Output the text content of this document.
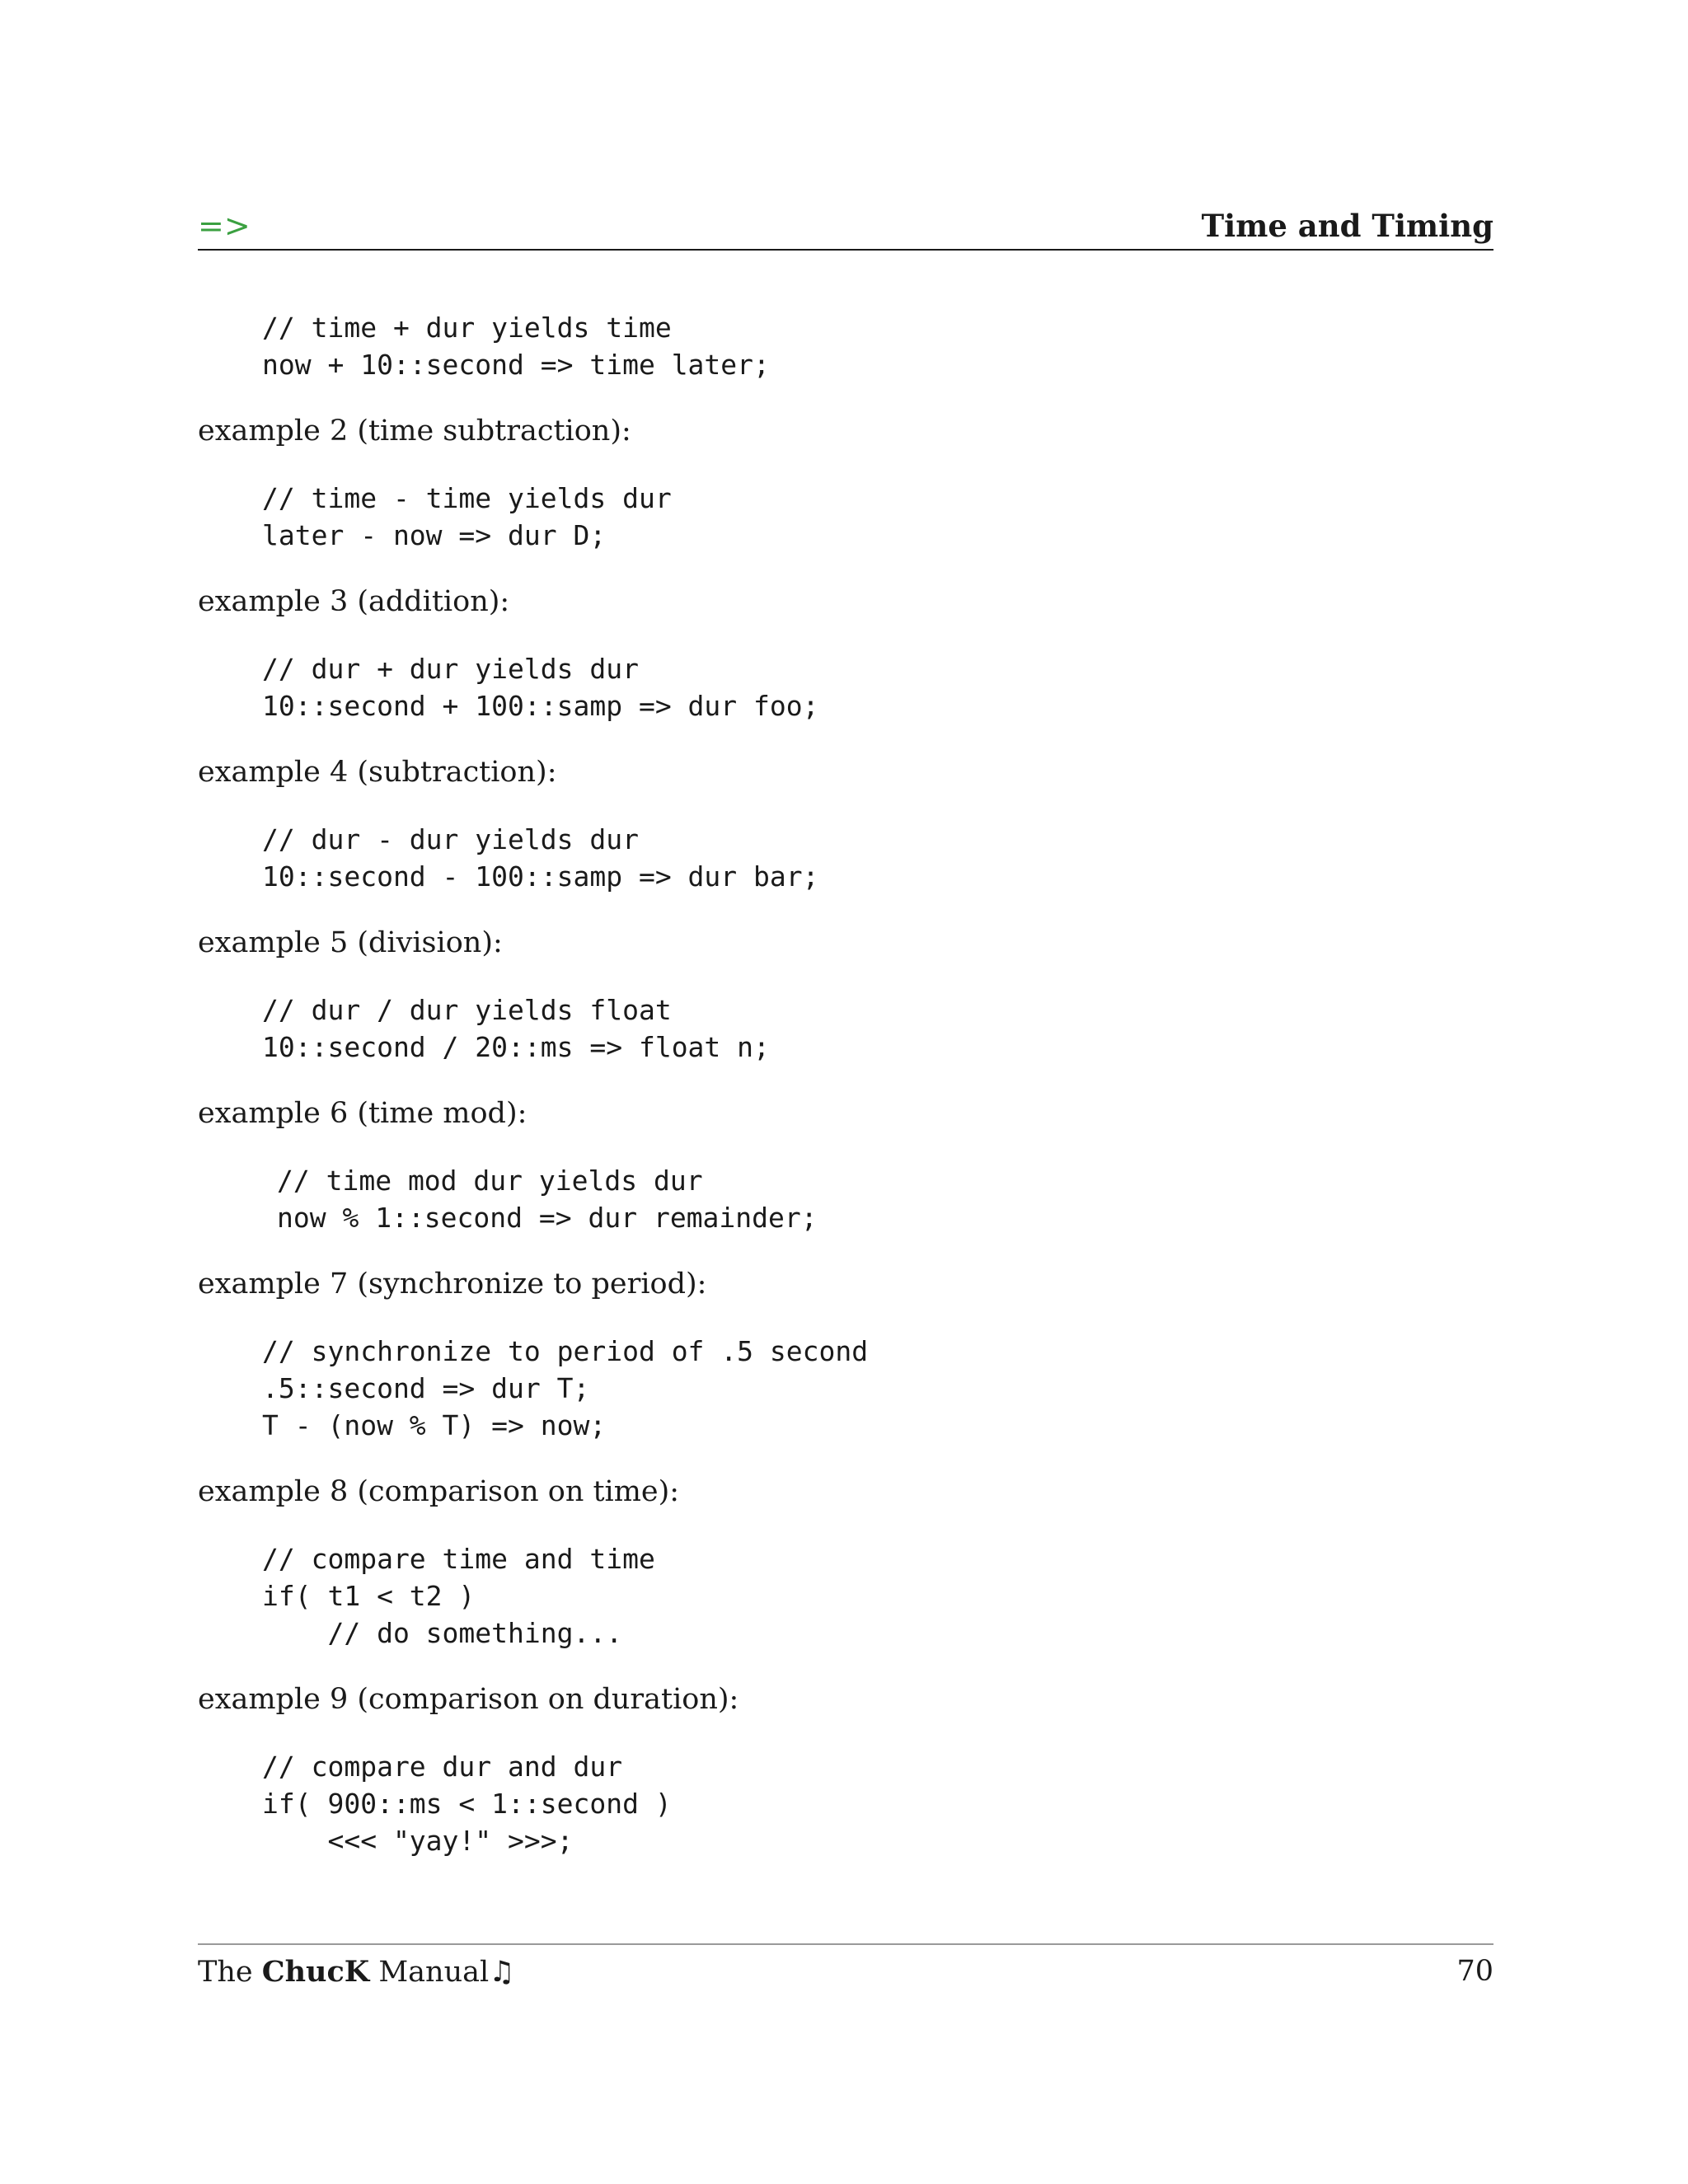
=>	Time and Timing
// time + dur yields time
now + 10::second => time later;
example 2 (time subtraction):
// time - time yields dur
later - now => dur D;
example 3 (addition):
// dur + dur yields dur
10::second + 100::samp => dur foo;
example 4 (subtraction):
// dur - dur yields dur
10::second - 100::samp => dur bar;
example 5 (division):
// dur / dur yields float
10::second / 20::ms => float n;
example 6 (time mod):
// time mod dur yields dur
now % 1::second => dur remainder;
example 7 (synchronize to period):
// synchronize to period of .5 second
.5::second => dur T;
T - (now % T) => now;
example 8 (comparison on time):
// compare time and time
if( t1 < t2 )
// do something...
example 9 (comparison on duration):
// compare dur and dur
if( 900::ms < 1::second )
<<< "yay!" >>>;
The ChucK Manual♫	70
